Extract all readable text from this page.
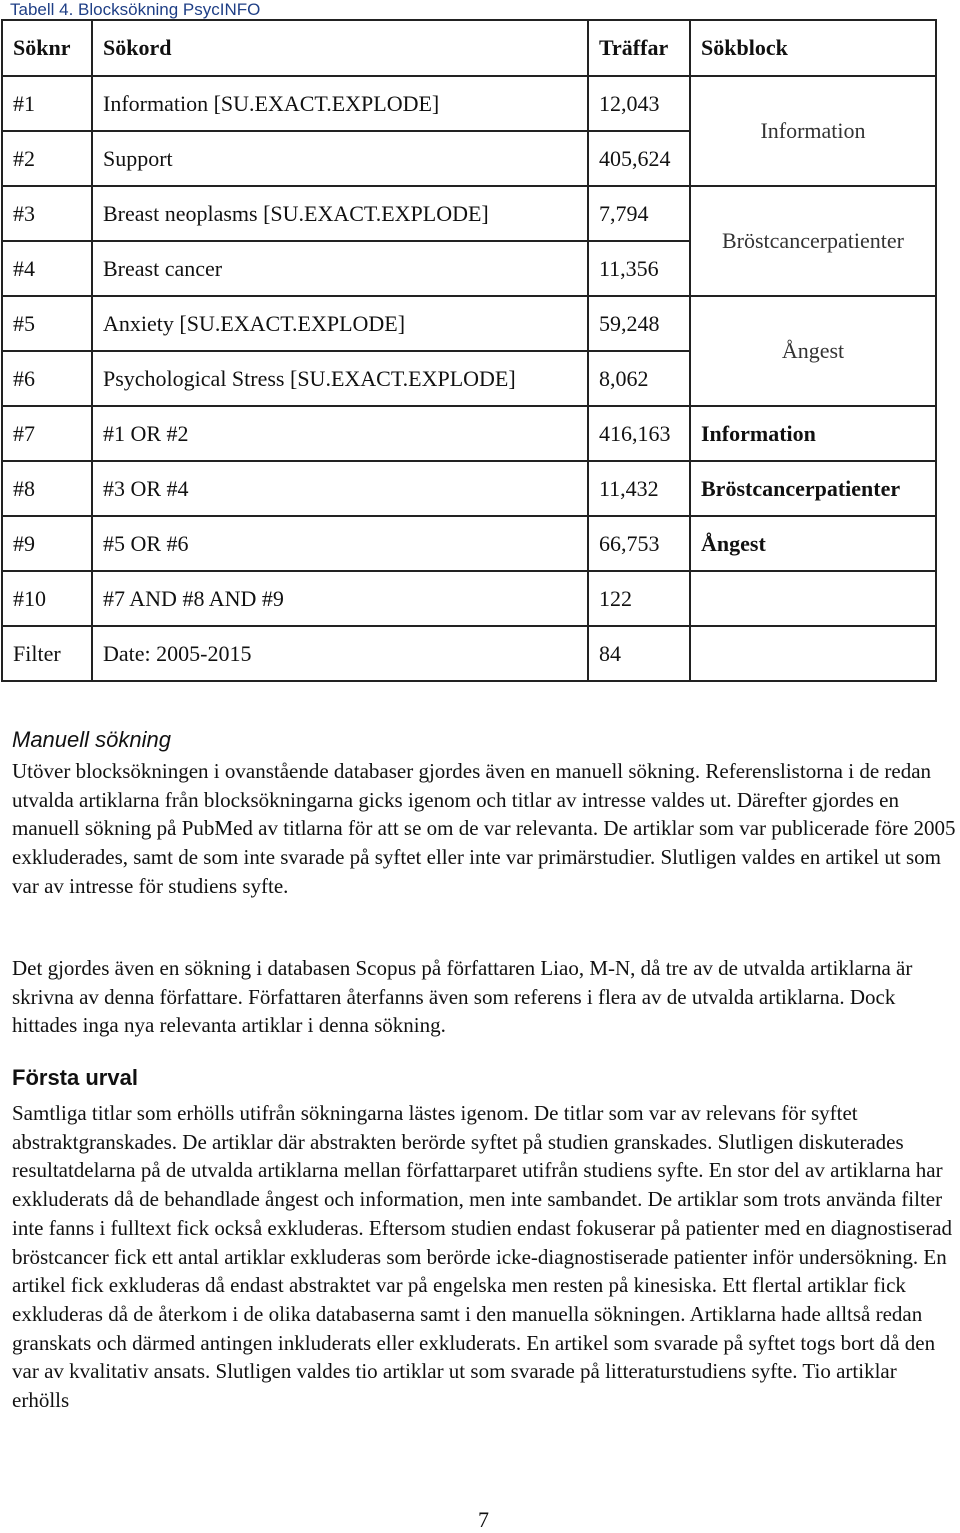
Tabell 4. Blocksökning PsycINFO
Söknr	Sökord	Träffar	Sökblock
#1	Information [SU.EXACT.EXPLODE]	12,043	Information
#2	Support	405,624	
#3	Breast neoplasms [SU.EXACT.EXPLODE]	7,794	Bröstcancerpatienter
#4	Breast cancer	11,356	
#5	Anxiety [SU.EXACT.EXPLODE]	59,248	Ångest
#6	Psychological Stress [SU.EXACT.EXPLODE]	8,062	
#7	#1 OR #2	416,163	Information
#8	#3 OR #4	11,432	Bröstcancerpatienter
#9	#5 OR #6	66,753	Ångest
#10	#7 AND #8 AND #9	122	
Filter	Date: 2005-2015	84	
Manuell sökning
Utöver blocksökningen i ovanstående databaser gjordes även en manuell sökning. Referenslistorna i de redan utvalda artiklarna från blocksökningarna gicks igenom och titlar av intresse valdes ut. Därefter gjordes en manuell sökning på PubMed av titlarna för att se om de var relevanta. De artiklar som var publicerade före 2005 exkluderades, samt de som inte svarade på syftet eller inte var primärstudier. Slutligen valdes en artikel ut som var av intresse för studiens syfte.
Det gjordes även en sökning i databasen Scopus på författaren Liao, M-N, då tre av de utvalda artiklarna är skrivna av denna författare. Författaren återfanns även som referens i flera av de utvalda artiklarna. Dock hittades inga nya relevanta artiklar i denna sökning.
Första urval
Samtliga titlar som erhölls utifrån sökningarna lästes igenom. De titlar som var av relevans för syftet abstraktgranskades. De artiklar där abstrakten berörde syftet på studien granskades. Slutligen diskuterades resultatdelarna på de utvalda artiklarna mellan författarparet utifrån studiens syfte. En stor del av artiklarna har exkluderats då de behandlade ångest och information, men inte sambandet. De artiklar som trots använda filter inte fanns i fulltext fick också exkluderas. Eftersom studien endast fokuserar på patienter med en diagnostiserad bröstcancer fick ett antal artiklar exkluderas som berörde icke-diagnostiserade patienter inför undersökning. En artikel fick exkluderas då endast abstraktet var på engelska men resten på kinesiska. Ett flertal artiklar fick exkluderas då de återkom i de olika databaserna samt i den manuella sökningen. Artiklarna hade alltså redan granskats och därmed antingen inkluderats eller exkluderats. En artikel som svarade på syftet togs bort då den var av kvalitativ ansats. Slutligen valdes tio artiklar ut som svarade på litteraturstudiens syfte. Tio artiklar erhölls
7
